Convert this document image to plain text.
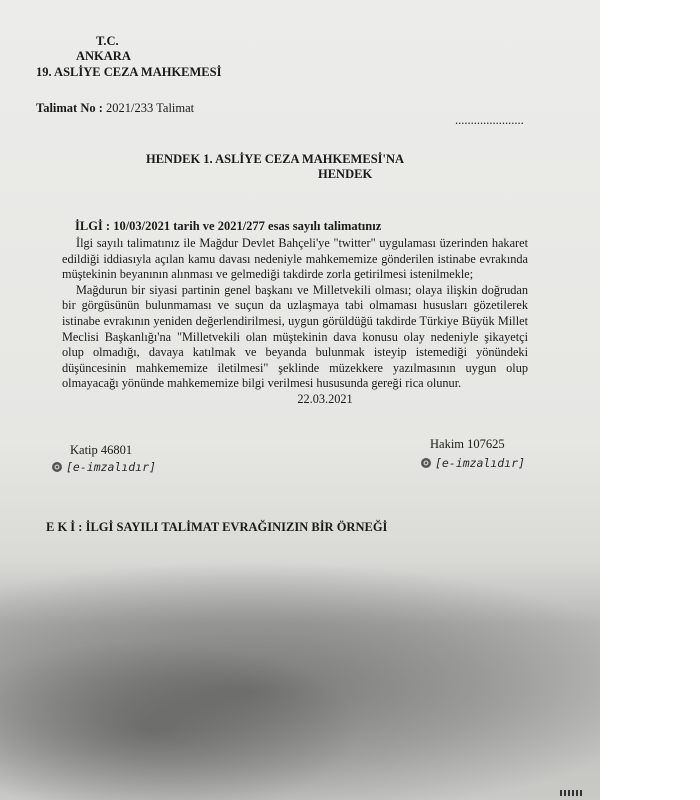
T.C.
ANKARA
19. ASLİYE CEZA MAHKEMESİ
Talimat No : 2021/233 Talimat
......................
HENDEK 1. ASLİYE CEZA MAHKEMESİ'NA
HENDEK
İLGİ : 10/03/2021 tarih ve 2021/277 esas sayılı talimatınız

İlgi sayılı talimatınız ile Mağdur Devlet Bahçeli'ye "twitter" uygulaması üzerinden hakaret edildiği iddiasıyla açılan kamu davası nedeniyle mahkememize gönderilen istinabe evrakında müştekinin beyanının alınması ve gelmediği takdirde zorla getirilmesi istenilmekle;

Mağdurun bir siyasi partinin genel başkanı ve Milletvekili olması; olaya ilişkin doğrudan bir görgüsünün bulunmaması ve suçun da uzlaşmaya tabi olmaması hususları gözetilerek istinabe evrakının yeniden değerlendirilmesi, uygun görüldüğü takdirde Türkiye Büyük Millet Meclisi Başkanlığı'na "Milletvekili olan müştekinin dava konusu olay nedeniyle şikayetçi olup olmadığı, davaya katılmak ve beyanda bulunmak isteyip istemediği yönündeki düşüncesinin mahkememize iletilmesi" şeklinde müzekkere yazılmasının uygun olup olmayacağı yönünde mahkememize bilgi verilmesi hususunda gereği rica olunur.

22.03.2021

Katip 46801
[e-imzalıdır]
Hakim 107625
[e-imzalıdır]
E K İ : İLGİ SAYILI TALİMAT EVRAĞINIZIN BİR ÖRNEĞİ
